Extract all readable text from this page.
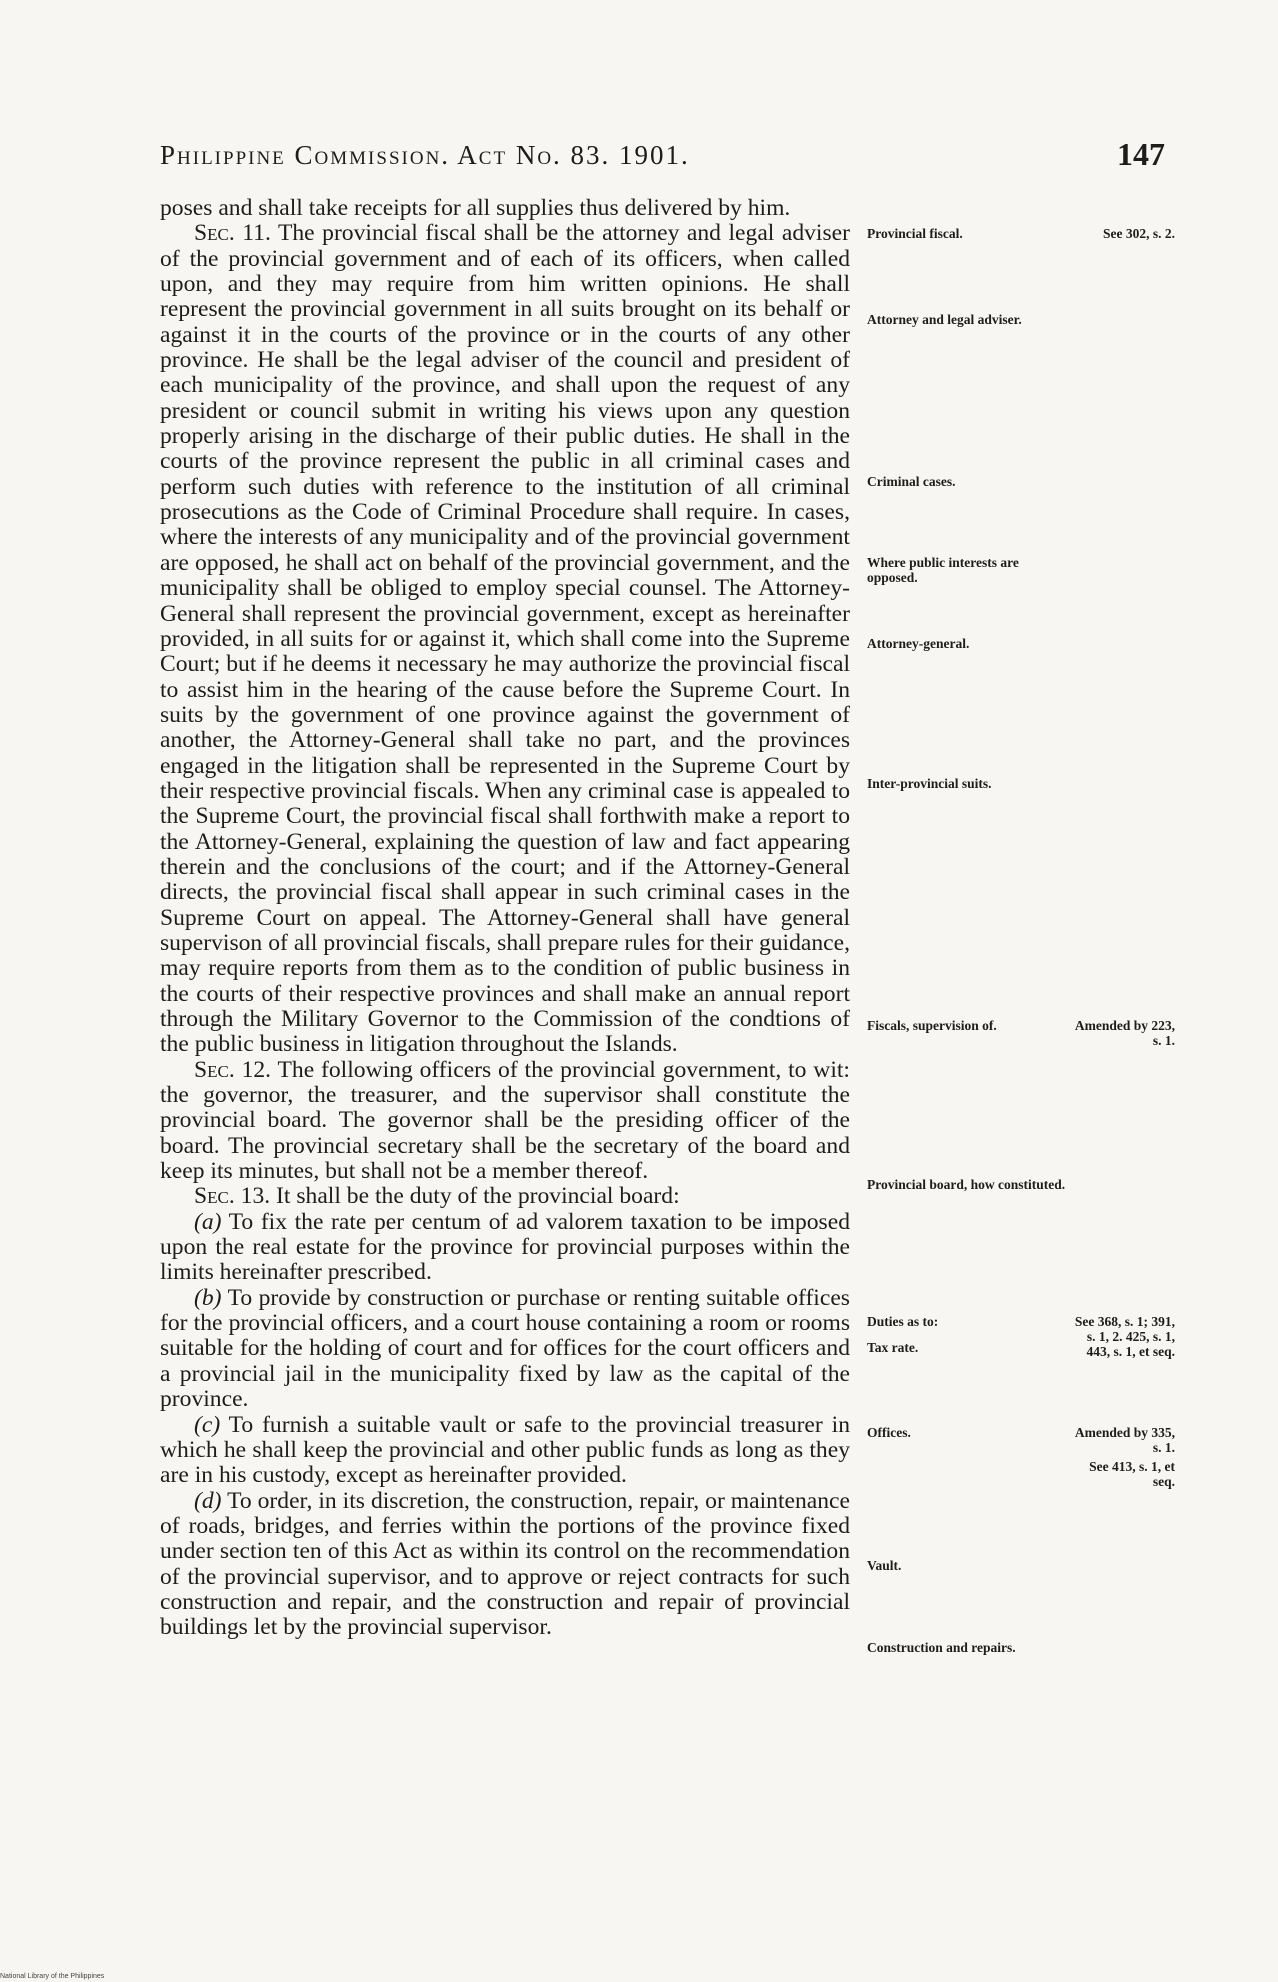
Philippine Commission. Act No. 83. 1901.	147

poses and shall take receipts for all supplies thus delivered by him.

Sec. 11. The provincial fiscal shall be the attorney and legal adviser of the provincial government and of each of its officers, when called upon, and they may require from him written opinions. He shall represent the provincial government in all suits brought on its behalf or against it in the courts of the province or in the courts of any other province. He shall be the legal adviser of the council and president of each municipality of the province, and shall upon the request of any president or council submit in writing his views upon any question properly arising in the discharge of their public duties. He shall in the courts of the province represent the public in all criminal cases and perform such duties with reference to the institution of all criminal prosecutions as the Code of Criminal Procedure shall require. In cases, where the interests of any municipality and of the provincial government are opposed, he shall act on behalf of the provincial government, and the municipality shall be obliged to employ special counsel. The Attorney-General shall represent the provincial government, except as hereinafter provided, in all suits for or against it, which shall come into the Supreme Court; but if he deems it necessary he may authorize the provincial fiscal to assist him in the hearing of the cause before the Supreme Court. In suits by the government of one province against the government of another, the Attorney-General shall take no part, and the provinces engaged in the litigation shall be represented in the Supreme Court by their respective provincial fiscals. When any criminal case is appealed to the Supreme Court, the provincial fiscal shall forthwith make a report to the Attorney-General, explaining the question of law and fact appearing therein and the conclusions of the court; and if the Attorney-General directs, the provincial fiscal shall appear in such criminal cases in the Supreme Court on appeal. The Attorney-General shall have general supervison of all provincial fiscals, shall prepare rules for their guidance, may require reports from them as to the condition of public business in the courts of their respective provinces and shall make an annual report through the Military Governor to the Commission of the condtions of the public business in litigation throughout the Islands.

Sec. 12. The following officers of the provincial government, to wit: the governor, the treasurer, and the supervisor shall constitute the provincial board. The governor shall be the presiding officer of the board. The provincial secretary shall be the secretary of the board and keep its minutes, but shall not be a member thereof.

Sec. 13. It shall be the duty of the provincial board:

(a) To fix the rate per centum of ad valorem taxation to be imposed upon the real estate for the province for provincial purposes within the limits hereinafter prescribed.

(b) To provide by construction or purchase or renting suitable offices for the provincial officers, and a court house containing a room or rooms suitable for the holding of court and for offices for the court officers and a provincial jail in the municipality fixed by law as the capital of the province.

(c) To furnish a suitable vault or safe to the provincial treasurer in which he shall keep the provincial and other public funds as long as they are in his custody, except as hereinafter provided.

(d) To order, in its discretion, the construction, repair, or maintenance of roads, bridges, and ferries within the portions of the province fixed under section ten of this Act as within its control on the recommendation of the provincial supervisor, and to approve or reject contracts for such construction and repair, and the construction and repair of provincial buildings let by the provincial supervisor.

Provincial fiscal.
Attorney and legal adviser.
Criminal cases.
Where public interests are opposed.
Attorney-general.
Inter-provincial suits.
Fiscals, supervision of.
Provincial board, how constituted.
Duties as to:
Tax rate.
Offices.
Vault.
Construction and repairs.
See 302, s. 2.
Amended by 223, s. 1.
See 368, s. 1; 391, s. 1, 2. 425, s. 1, 443, s. 1, et seq.
Amended by 335, s. 1.
See 413, s. 1, et seq.
National Library of the Philippines
